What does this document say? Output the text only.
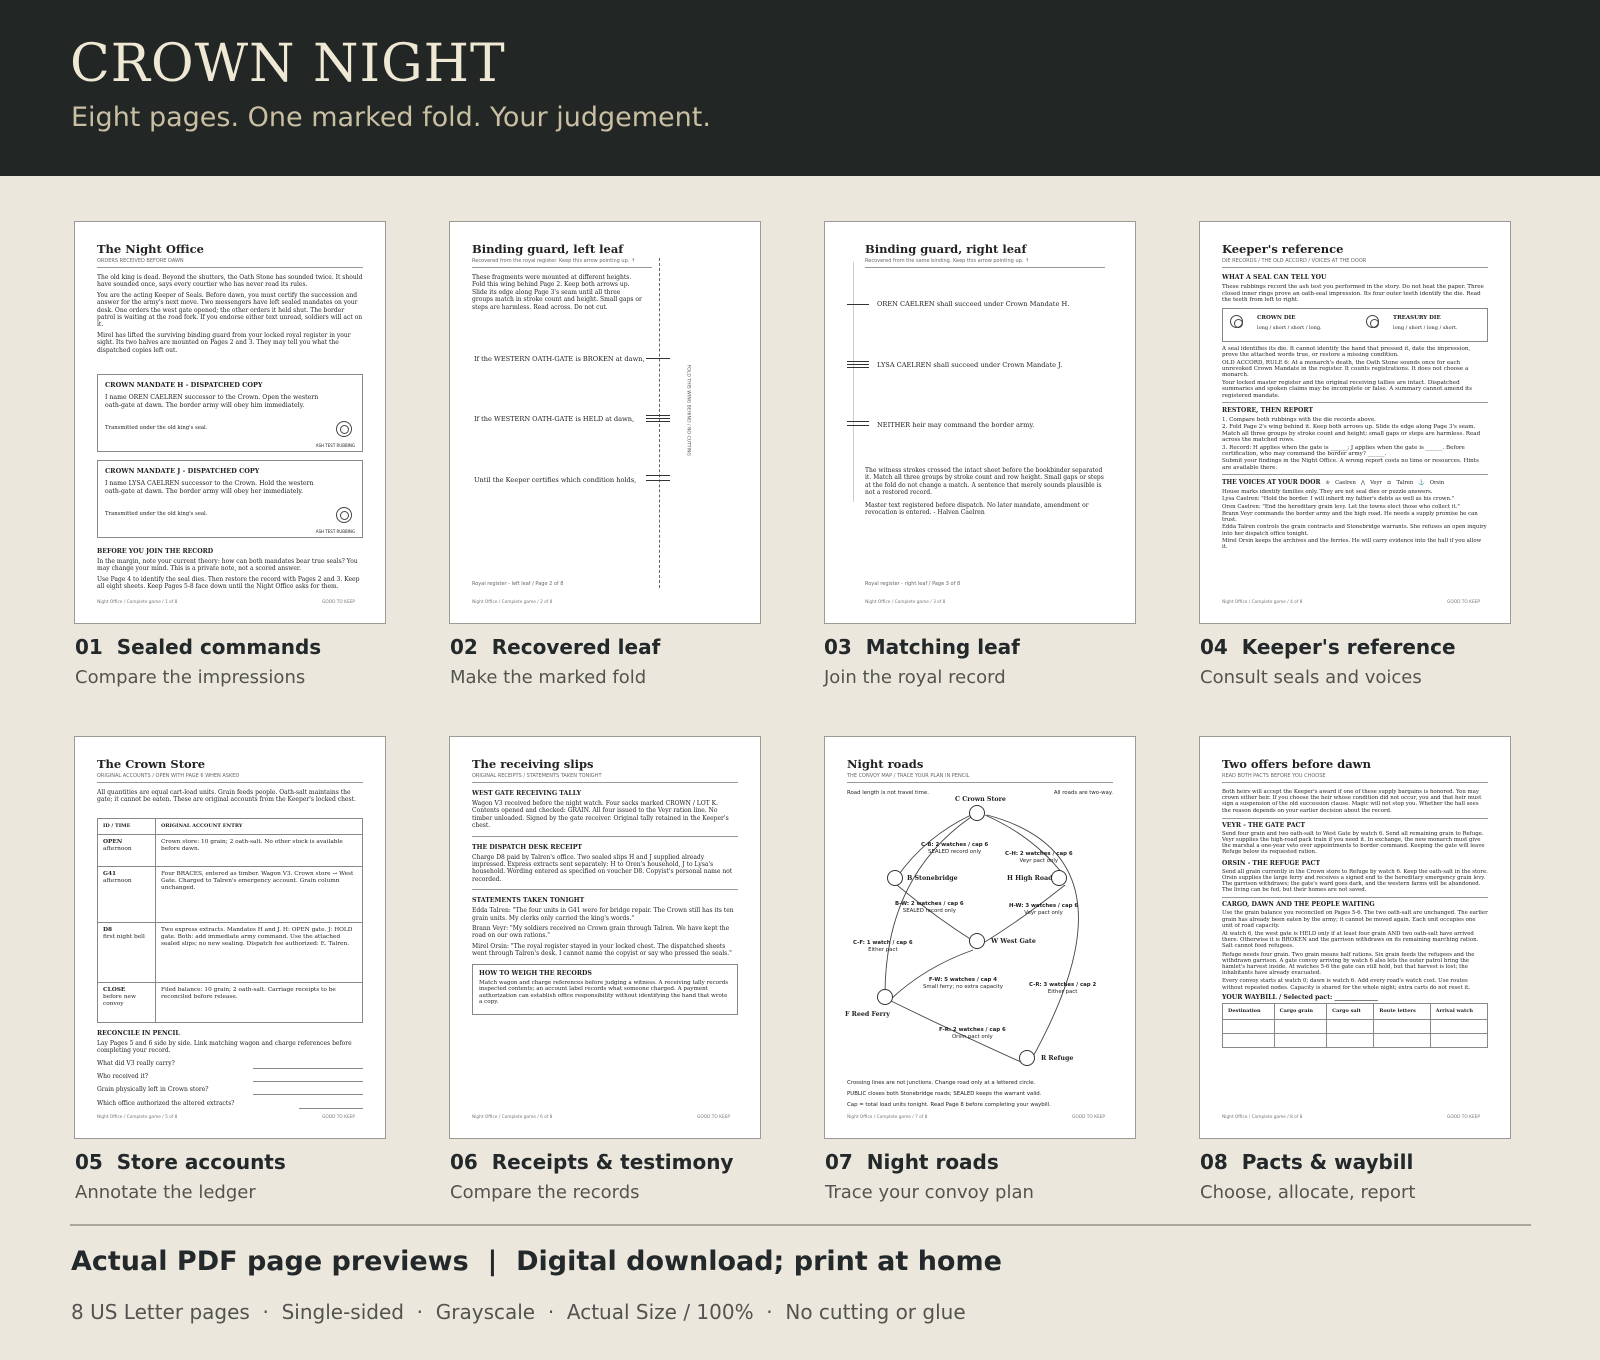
CROWN NIGHT

Eight pages. One marked fold. Your judgement.

The Night Office
ORDERS RECEIVED BEFORE DAWN
The old king is dead. Beyond the shutters, the Oath Stone has sounded twice. It should have sounded once, says every courtier who has never read its rules.
You are the acting Keeper of Seals. Before dawn, you must certify the succession and answer for the army's next move. Two messengers have left sealed mandates on your desk. One orders the west gate opened; the other orders it held shut. The border patrol is waiting at the road fork. If you endorse either text unread, soldiers will act on it.
Mirel has lifted the surviving binding guard from your locked royal register in your sight. Its two halves are mounted on Pages 2 and 3. They may tell you what the dispatched copies left out.
CROWN MANDATE H - DISPATCHED COPY
I name OREN CAELREN successor to the Crown. Open the western oath-gate at dawn. The border army will obey him immediately.
Transmitted under the old king's seal.
ASH TEST RUBBING
CROWN MANDATE J - DISPATCHED COPY
I name LYSA CAELREN successor to the Crown. Hold the western oath-gate at dawn. The border army will obey her immediately.
Transmitted under the old king's seal.
ASH TEST RUBBING
BEFORE YOU JOIN THE RECORD
In the margin, note your current theory: how can both mandates bear true seals? You may change your mind. This is a private note, not a scored answer.
Use Page 4 to identify the seal dies. Then restore the record with Pages 2 and 3. Keep all eight sheets. Keep Pages 5-8 face down until the Night Office asks for them.
Night Office / Complete game / 1 of 8	GOOD TO KEEP
01 Sealed commands
Compare the impressions
Binding guard, left leaf
Recovered from the royal register. Keep this arrow pointing up. ↑
These fragments were mounted at different heights. Fold this wing behind Page 2. Keep both arrows up. Slide its edge along Page 3's seam until all three groups match in stroke count and height. Small gaps or steps are harmless. Read across. Do not cut.
If the WESTERN OATH-GATE is BROKEN at dawn,
If the WESTERN OATH-GATE is HELD at dawn,
Until the Keeper certifies which condition holds,
FOLD THIS WING BEHIND / NO CUTTING
Royal register - left leaf / Page 2 of 8
Night Office / Complete game / 2 of 8
02 Recovered leaf
Make the marked fold
Binding guard, right leaf
Recovered from the same binding. Keep this arrow pointing up. ↑
OREN CAELREN shall succeed under Crown Mandate H.
LYSA CAELREN shall succeed under Crown Mandate J.
NEITHER heir may command the border army.
The witness strokes crossed the intact sheet before the bookbinder separated it. Match all three groups by stroke count and row height. Small gaps or steps at the fold do not change a match. A sentence that merely sounds plausible is not a restored record.
Master text registered before dispatch. No later mandate, amendment or revocation is entered. - Halven Caelren
Royal register - right leaf / Page 3 of 8
Night Office / Complete game / 3 of 8
03 Matching leaf
Join the royal record
Keeper's reference
DIE RECORDS / THE OLD ACCORD / VOICES AT THE DOOR
WHAT A SEAL CAN TELL YOU
These rubbings record the ash test you performed in the story. Do not heat the paper. Three closed inner rings prove an oath-seal impression. Its four outer teeth identify the die. Read the teeth from left to right.
CROWN DIE
long / short / short / long.
TREASURY DIE
long / short / long / short.
A seal identifies its die. It cannot identify the hand that pressed it, date the impression, prove the attached words true, or restore a missing condition.
OLD ACCORD, RULE 6: At a monarch's death, the Oath Stone sounds once for each unrevoked Crown Mandate in the register. It counts registrations. It does not choose a monarch.
Your locked master register and the original receiving tallies are intact. Dispatched summaries and spoken claims may be incomplete or false. A summary cannot amend its registered mandate.
RESTORE, THEN REPORT
1. Compare both rubbings with the die records above.
2. Fold Page 2's wing behind it. Keep both arrows up. Slide its edge along Page 3's seam. Match all three groups by stroke count and height; small gaps or steps are harmless. Read across the matched rows.
3. Record: H applies when the gate is ______; J applies when the gate is ______. Before certification, who may command the border army? ______.
Submit your findings in the Night Office. A wrong report costs no time or resources. Hints are available there.
THE VOICES AT YOUR DOOR ♔ Caelren ⋀ Veyr ⚖ Talren ⚓ Orsin
House marks identify families only. They are not seal dies or puzzle answers.
Lysa Caelren: "Hold the border. I will inherit my father's debts as well as his crown."
Oren Caelren: "End the hereditary grain levy. Let the towns elect those who collect it."
Brann Veyr commands the border army and the high road. He needs a supply promise he can trust.
Edda Talren controls the grain contracts and Stonebridge warrants. She refuses an open inquiry into her dispatch office tonight.
Mirel Orsin keeps the archives and the ferries. He will carry evidence into the hall if you allow it.
Night Office / Complete game / 4 of 8	GOOD TO KEEP
04 Keeper's reference
Consult seals and voices
The Crown Store
ORIGINAL ACCOUNTS / OPEN WITH PAGE 6 WHEN ASKED
All quantities are equal cart-load units. Grain feeds people. Oath-salt maintains the gate; it cannot be eaten. These are original accounts from the Keeper's locked chest.
ID / TIME	ORIGINAL ACCOUNT ENTRY
OPEN
afternoon	Crown store: 10 grain; 2 oath-salt. No other stock is available before dawn.
G41
afternoon	Four BRACES, entered as timber. Wagon V3. Crown store → West Gate. Charged to Talren's emergency account. Grain column unchanged.
D8
first night bell	Two express extracts. Mandates H and J. H: OPEN gate. J: HOLD gate. Both: add immediate army command. Use the attached sealed slips; no new sealing. Dispatch fee authorized: E. Talren.
CLOSE
before new convoy	Filed balance: 10 grain; 2 oath-salt. Carriage receipts to be reconciled before release.
RECONCILE IN PENCIL
Lay Pages 5 and 6 side by side. Link matching wagon and charge references before completing your record.
What did V3 really carry?
Who received it?
Grain physically left in Crown store?
Which office authorized the altered extracts?
Night Office / Complete game / 5 of 8	GOOD TO KEEP
05 Store accounts
Annotate the ledger
The receiving slips
ORIGINAL RECEIPTS / STATEMENTS TAKEN TONIGHT
WEST GATE RECEIVING TALLY
Wagon V3 received before the night watch. Four sacks marked CROWN / LOT K. Contents opened and checked: GRAIN. All four issued to the Veyr ration line. No timber unloaded. Signed by the gate receiver. Original tally retained in the Keeper's chest.
THE DISPATCH DESK RECEIPT
Charge D8 paid by Talren's office. Two sealed slips H and J supplied already impressed. Express extracts sent separately: H to Oren's household, J to Lysa's household. Wording entered as specified on voucher D8. Copyist's personal name not recorded.
STATEMENTS TAKEN TONIGHT
Edda Talren: "The four units in G41 were for bridge repair. The Crown still has its ten grain units. My clerks only carried the king's words."
Brann Veyr: "My soldiers received no Crown grain through Talren. We have kept the road on our own rations."
Mirel Orsin: "The royal register stayed in your locked chest. The dispatched sheets went through Talren's desk. I cannot name the copyist or say who pressed the seals."
HOW TO WEIGH THE RECORDS
Match wagon and charge references before judging a witness. A receiving tally records inspected contents; an account label records what someone charged. A payment authorization can establish office responsibility without identifying the hand that wrote a copy.
Night Office / Complete game / 6 of 8	GOOD TO KEEP
06 Receipts & testimony
Compare the records
Night roads
THE CONVOY MAP / TRACE YOUR PLAN IN PENCIL
Road length is not travel time.	All roads are two-way.
C Crown Store
B Stonebridge	H High Road
W West Gate
F Reed Ferry
R Refuge
C-B: 2 watches / cap 6
SEALED record only	C-H: 2 watches / cap 6
Veyr pact only
B-W: 2 watches / cap 6
SEALED record only
H-W: 3 watches / cap 6
Veyr pact only
C-F: 1 watch / cap 6
Either pact
F-W: 5 watches / cap 4
Small ferry; no extra capacity	C-R: 3 watches / cap 2
Either pact
F-R: 2 watches / cap 6
Orsin pact only
Crossing lines are not junctions. Change road only at a lettered circle.
PUBLIC closes both Stonebridge roads; SEALED keeps the warrant valid.
Cap = total load units tonight. Read Page 8 before completing your waybill.
Night Office / Complete game / 7 of 8	GOOD TO KEEP
07 Night roads
Trace your convoy plan
Two offers before dawn
READ BOTH PACTS BEFORE YOU CHOOSE
Both heirs will accept the Keeper's award if one of these supply bargains is honored. You may crown either heir. If you choose the heir whose condition did not occur, you and that heir must sign a suspension of the old succession clause. Magic will not stop you. Whether the hall sees the reason depends on your earlier decision about the record.
VEYR - THE GATE PACT
Send four grain and two oath-salt to West Gate by watch 6. Send all remaining grain to Refuge. Veyr supplies the high-road pack train if you need it. In exchange, the new monarch must give the marshal a one-year veto over appointments to border command. Keeping the gate will leave Refuge below its requested ration.
ORSIN - THE REFUGE PACT
Send all grain currently in the Crown store to Refuge by watch 6. Keep the oath-salt in the store. Orsin supplies the large ferry and receives a signed end to the hereditary emergency grain levy. The garrison withdraws; the gate's ward goes dark, and the western farms will be abandoned. The living can be fed, but their homes are not saved.
CARGO, DAWN AND THE PEOPLE WAITING
Use the grain balance you reconciled on Pages 5-6. The two oath-salt are unchanged. The earlier grain has already been eaten by the army; it cannot be moved again. Each unit occupies one unit of road capacity.
At watch 6, the west gate is HELD only if at least four grain AND two oath-salt have arrived there. Otherwise it is BROKEN and the garrison withdraws on its remaining marching ration. Salt cannot feed refugees.
Refuge needs four grain. Two grain means half rations. Six grain feeds the refugees and the withdrawn garrison. A gate convoy arriving by watch 6 also lets the outer patrol bring the hamlet's harvest inside. At watches 5-6 the gate can still hold, but that harvest is lost; the inhabitants have already evacuated.
Every convoy starts at watch 0; dawn is watch 6. Add every road's watch cost. Use routes without repeated nodes. Capacity is shared for the whole night; extra carts do not reset it.
YOUR WAYBILL / Selected pact: ______________
Destination	Cargo grain	Cargo salt	Route letters	Arrival watch

Night Office / Complete game / 8 of 8	GOOD TO KEEP
08 Pacts & waybill
Choose, allocate, report
Actual PDF page previews  |  Digital download; print at home
8 US Letter pages  ·  Single-sided  ·  Grayscale  ·  Actual Size / 100%  ·  No cutting or glue
